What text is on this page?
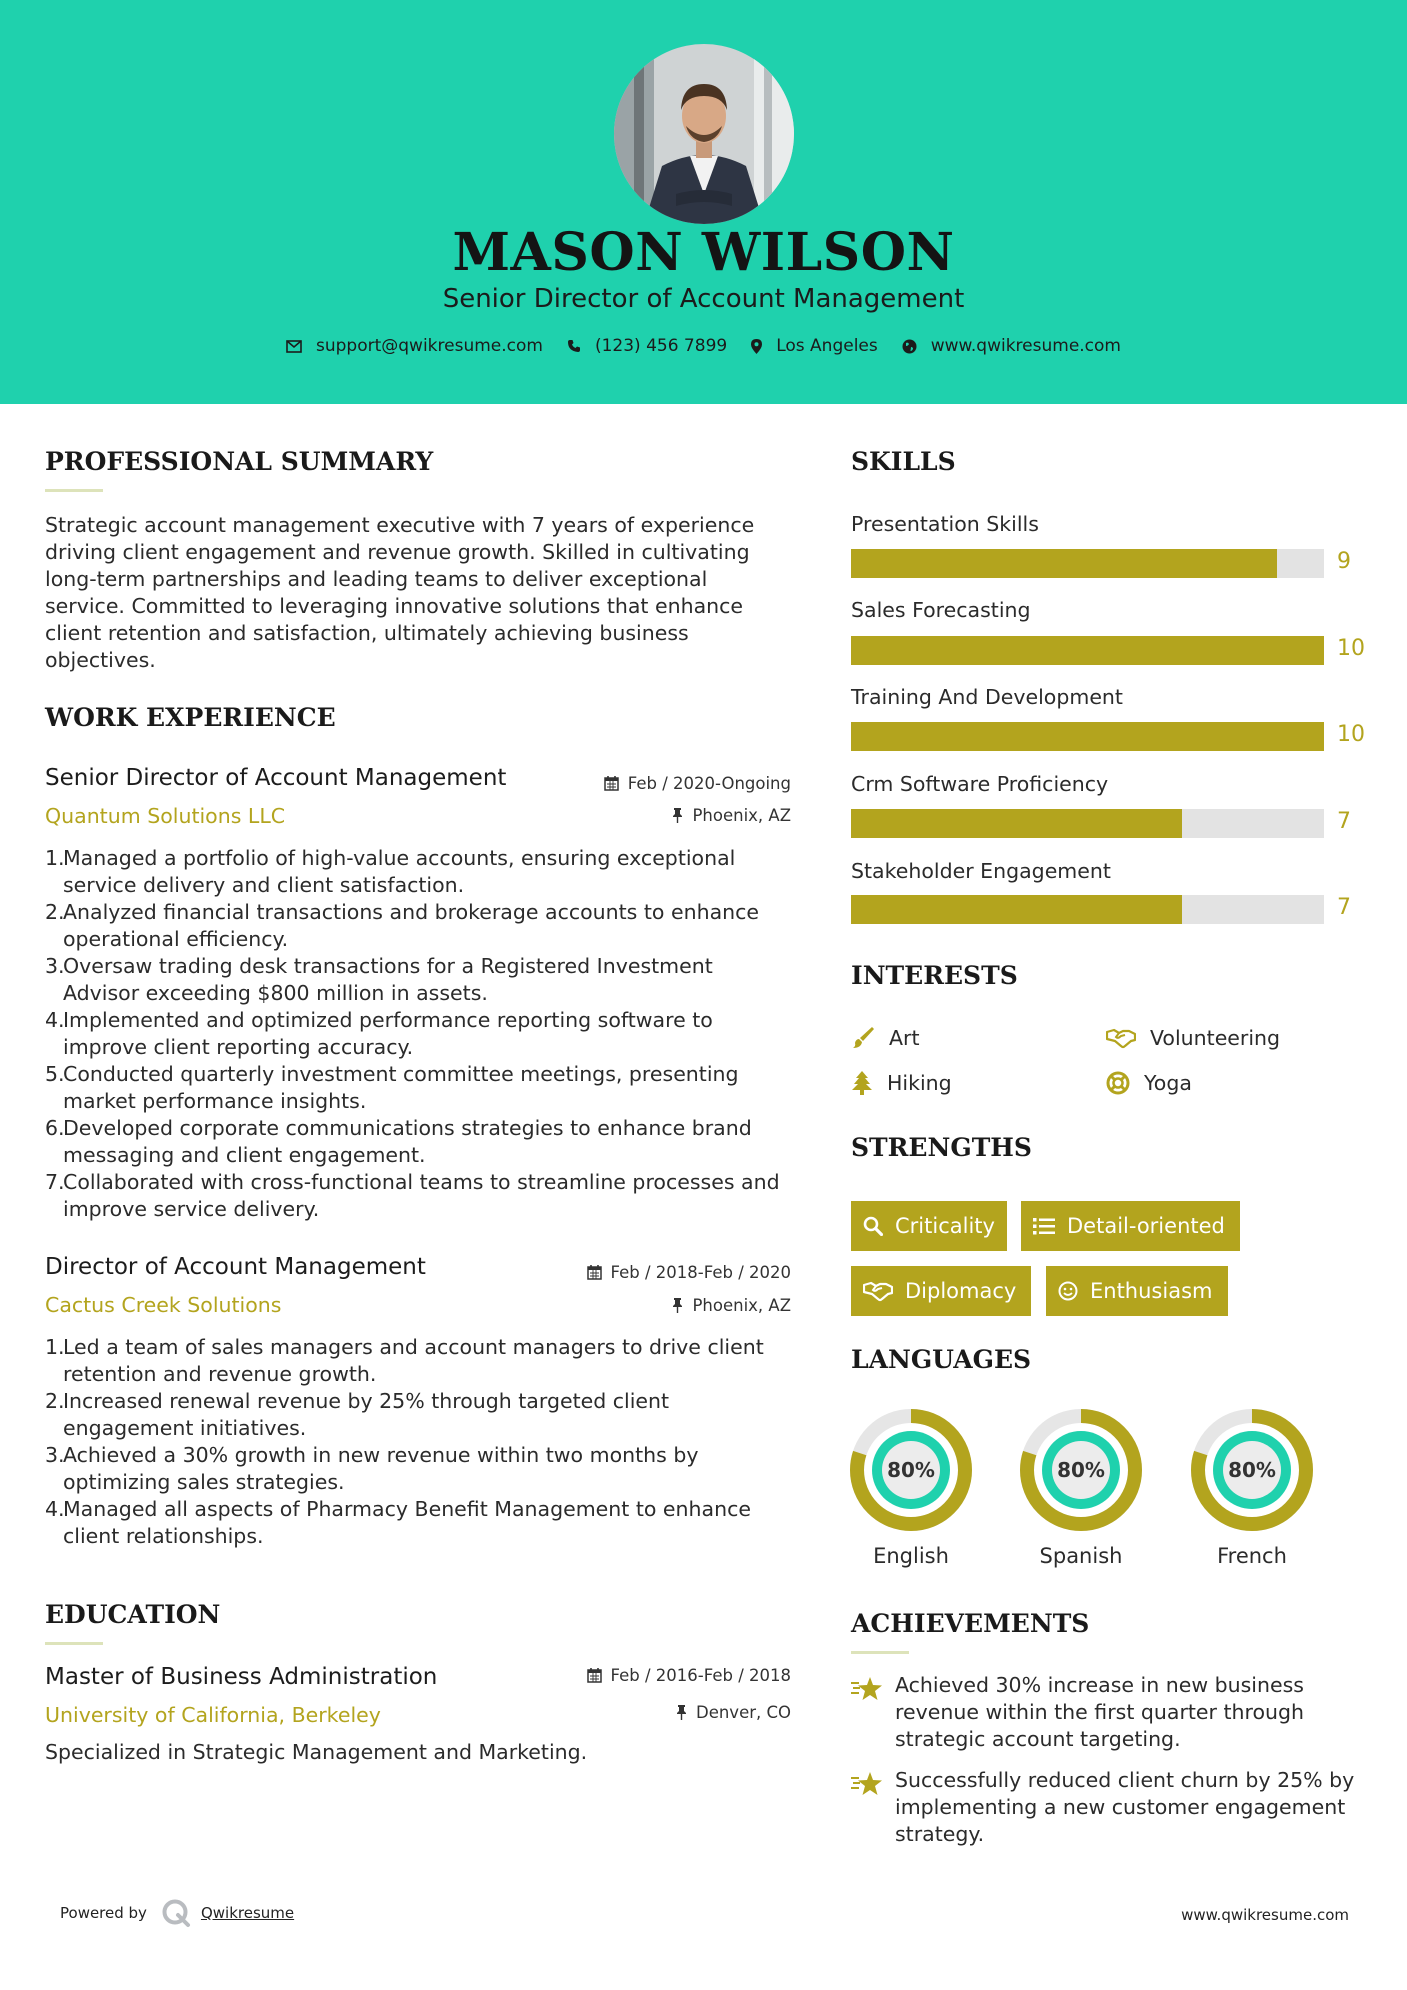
MASON WILSON
Senior Director of Account Management
support@qwikresume.com	(123) 456 7899	Los Angeles	www.qwikresume.com
PROFESSIONAL SUMMARY
Strategic account management executive with 7 years of experience driving client engagement and revenue growth. Skilled in cultivating long-term partnerships and leading teams to deliver exceptional service. Committed to leveraging innovative solutions that enhance client retention and satisfaction, ultimately achieving business objectives.
WORK EXPERIENCE
Senior Director of Account Management
Quantum Solutions LLC
Feb / 2020-Ongoing
Phoenix, AZ
1.
Managed a portfolio of high-value accounts, ensuring exceptional service delivery and client satisfaction.
2.
Analyzed financial transactions and brokerage accounts to enhance operational efficiency.
3.
Oversaw trading desk transactions for a Registered Investment Advisor exceeding $800 million in assets.
4.
Implemented and optimized performance reporting software to improve client reporting accuracy.
5.
Conducted quarterly investment committee meetings, presenting market performance insights.
6.
Developed corporate communications strategies to enhance brand messaging and client engagement.
7.
Collaborated with cross-functional teams to streamline processes and improve service delivery.
Director of Account Management
Cactus Creek Solutions
Feb / 2018-Feb / 2020
Phoenix, AZ
1.
Led a team of sales managers and account managers to drive client retention and revenue growth.
2.
Increased renewal revenue by 25% through targeted client engagement initiatives.
3.
Achieved a 30% growth in new revenue within two months by optimizing sales strategies.
4.
Managed all aspects of Pharmacy Benefit Management to enhance client relationships.
EDUCATION
Master of Business Administration
University of California, Berkeley
Feb / 2016-Feb / 2018
Denver, CO
Specialized in Strategic Management and Marketing.
SKILLS
Presentation Skills
9
Sales Forecasting
10
Training And Development
10
Crm Software Proficiency
7
Stakeholder Engagement
7
INTERESTS
Art	Volunteering
Hiking	Yoga
STRENGTHS
Criticality	Detail-oriented
Diplomacy	Enthusiasm
LANGUAGES
80%
English
80%
Spanish
80%
French
ACHIEVEMENTS
Achieved 30% increase in new business revenue within the first quarter through strategic account targeting.
Successfully reduced client churn by 25% by implementing a new customer engagement strategy.
Powered by	Qwikresume	www.qwikresume.com
